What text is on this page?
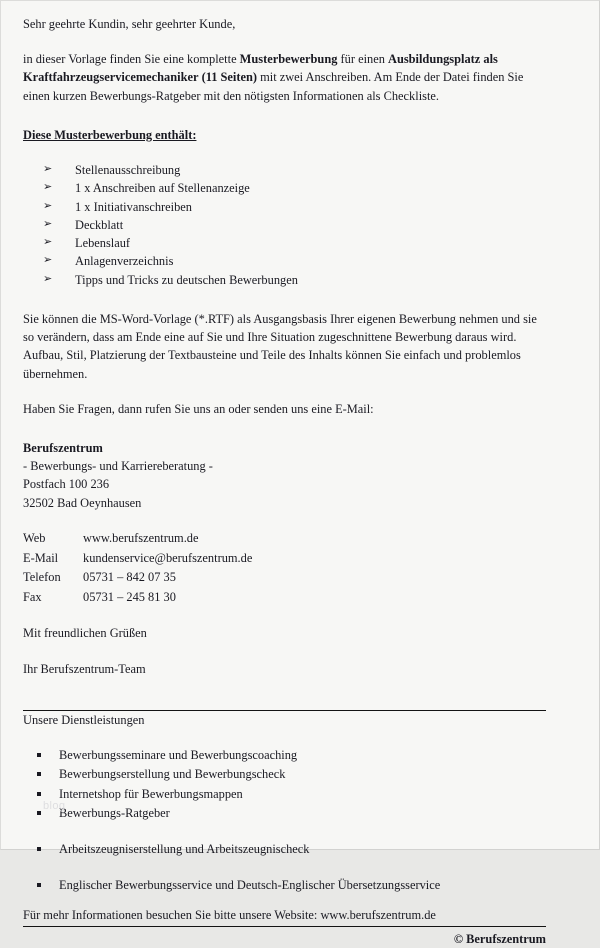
Sehr geehrte Kundin, sehr geehrter Kunde,

in dieser Vorlage finden Sie eine komplette Musterbewerbung für einen Ausbildungsplatz als Kraftfahrzeugservicemechaniker (11 Seiten) mit zwei Anschreiben. Am Ende der Datei finden Sie einen kurzen Bewerbungs-Ratgeber mit den nötigsten Informationen als Checkliste.

Diese Musterbewerbung enthält:

➢ Stellenausschreibung
➢ 1 x Anschreiben auf Stellenanzeige
➢ 1 x Initiativanschreiben
➢ Deckblatt
➢ Lebenslauf
➢ Anlagenverzeichnis
➢ Tipps und Tricks zu deutschen Bewerbungen

Sie können die MS-Word-Vorlage (*.RTF) als Ausgangsbasis Ihrer eigenen Bewerbung nehmen und sie so verändern, dass am Ende eine auf Sie und Ihre Situation zugeschnittene Bewerbung daraus wird. Aufbau, Stil, Platzierung der Textbausteine und Teile des Inhalts können Sie einfach und problemlos übernehmen.

Haben Sie Fragen, dann rufen Sie uns an oder senden uns eine E-Mail:

Berufszentrum

- Bewerbungs- und Karriereberatung -

Postfach 100 236

32502 Bad Oeynhausen

Web	www.berufszentrum.de
E-Mail	kundenservice@berufszentrum.de
Telefon	05731 – 842 07 35
Fax	05731 – 245 81 30

Mit freundlichen Grüßen

Ihr Berufszentrum-Team

Unsere Dienstleistungen

Bewerbungsseminare und Bewerbungscoaching
Bewerbungserstellung und Bewerbungscheck
Internetshop für Bewerbungsmappen
Bewerbungs-Ratgeber
Arbeitszeugniserstellung und Arbeitszeugnischeck
Englischer Bewerbungsservice und Deutsch-Englischer Übersetzungsservice

Für mehr Informationen besuchen Sie bitte unsere Website: www.berufszentrum.de

© Berufszentrum

blog
